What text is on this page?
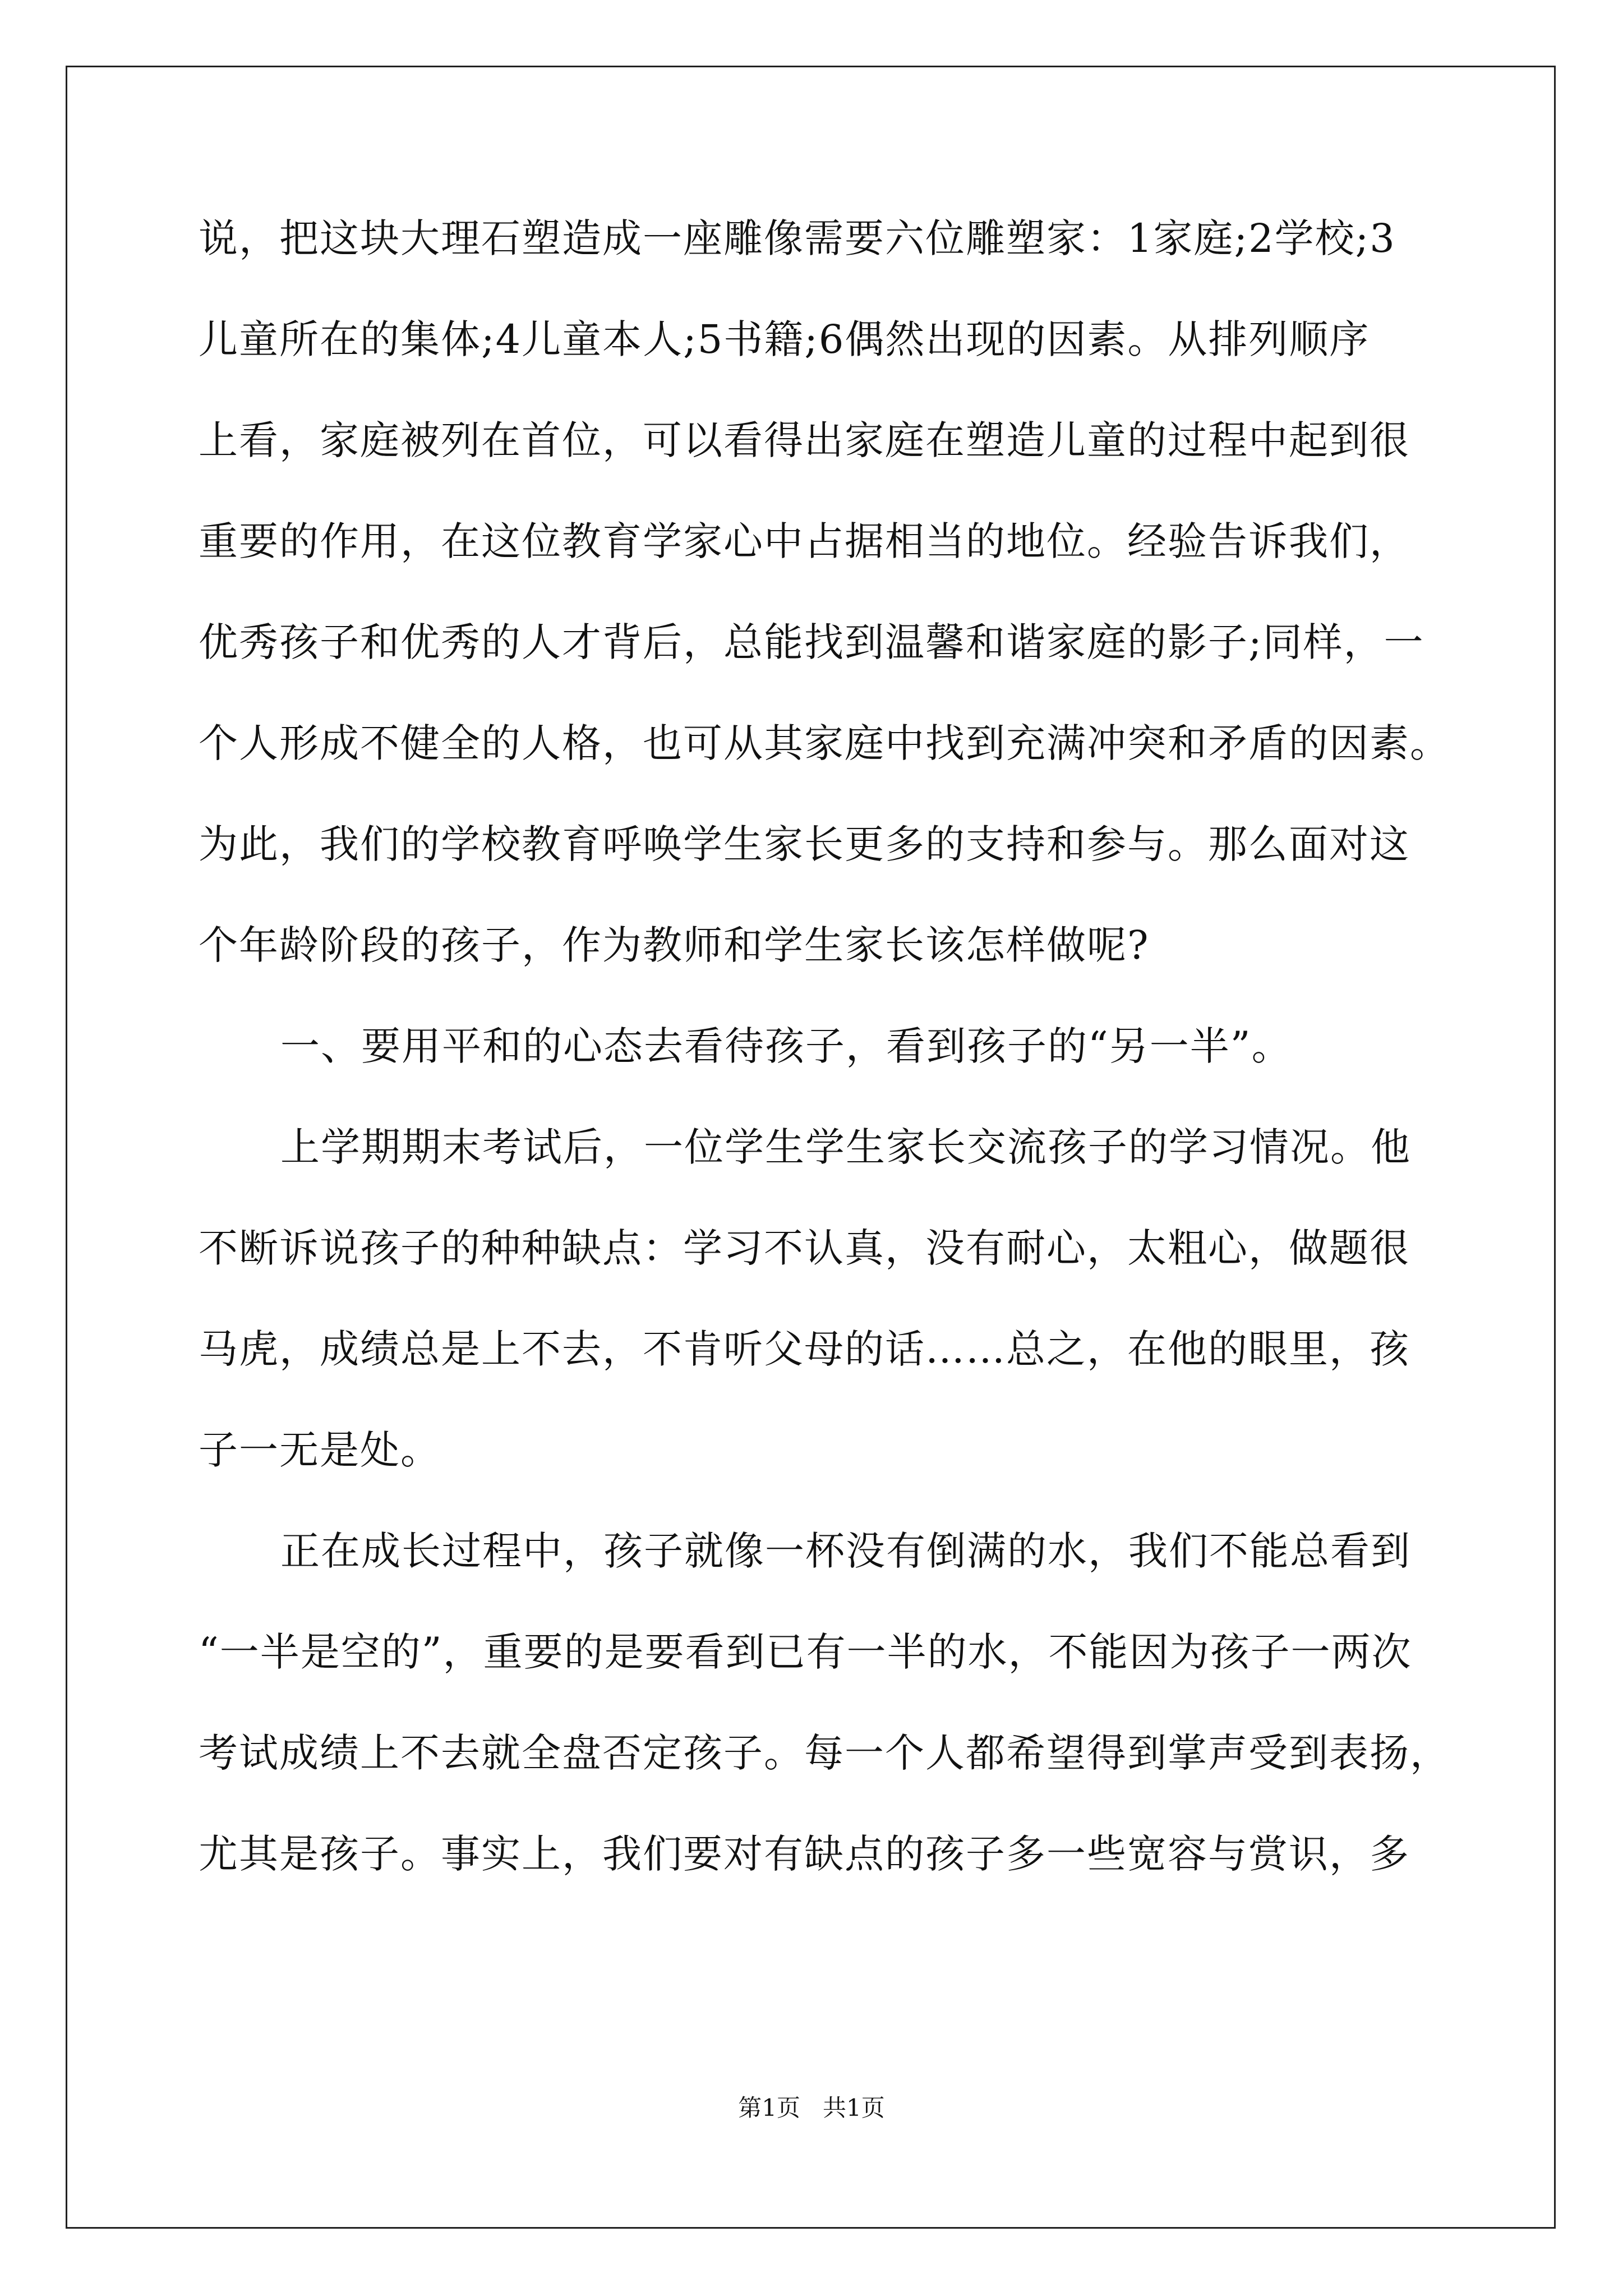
说，把这块大理石塑造成一座雕像需要六位雕塑家：1家庭;2学校;3
儿童所在的集体;4儿童本人;5书籍;6偶然出现的因素。从排列顺序
上看，家庭被列在首位，可以看得出家庭在塑造儿童的过程中起到很
重要的作用，在这位教育学家心中占据相当的地位。经验告诉我们，
优秀孩子和优秀的人才背后，总能找到温馨和谐家庭的影子;同样，一
个人形成不健全的人格，也可从其家庭中找到充满冲突和矛盾的因素。
为此，我们的学校教育呼唤学生家长更多的支持和参与。那么面对这
个年龄阶段的孩子，作为教师和学生家长该怎样做呢?
一、要用平和的心态去看待孩子，看到孩子的“另一半”。
上学期期末考试后，一位学生学生家长交流孩子的学习情况。他
不断诉说孩子的种种缺点：学习不认真，没有耐心，太粗心，做题很
马虎，成绩总是上不去，不肯听父母的话……总之，在他的眼里，孩
子一无是处。
正在成长过程中，孩子就像一杯没有倒满的水，我们不能总看到
“一半是空的”，重要的是要看到已有一半的水，不能因为孩子一两次
考试成绩上不去就全盘否定孩子。每一个人都希望得到掌声受到表扬，
尤其是孩子。事实上，我们要对有缺点的孩子多一些宽容与赏识，多
第1页 共1页
